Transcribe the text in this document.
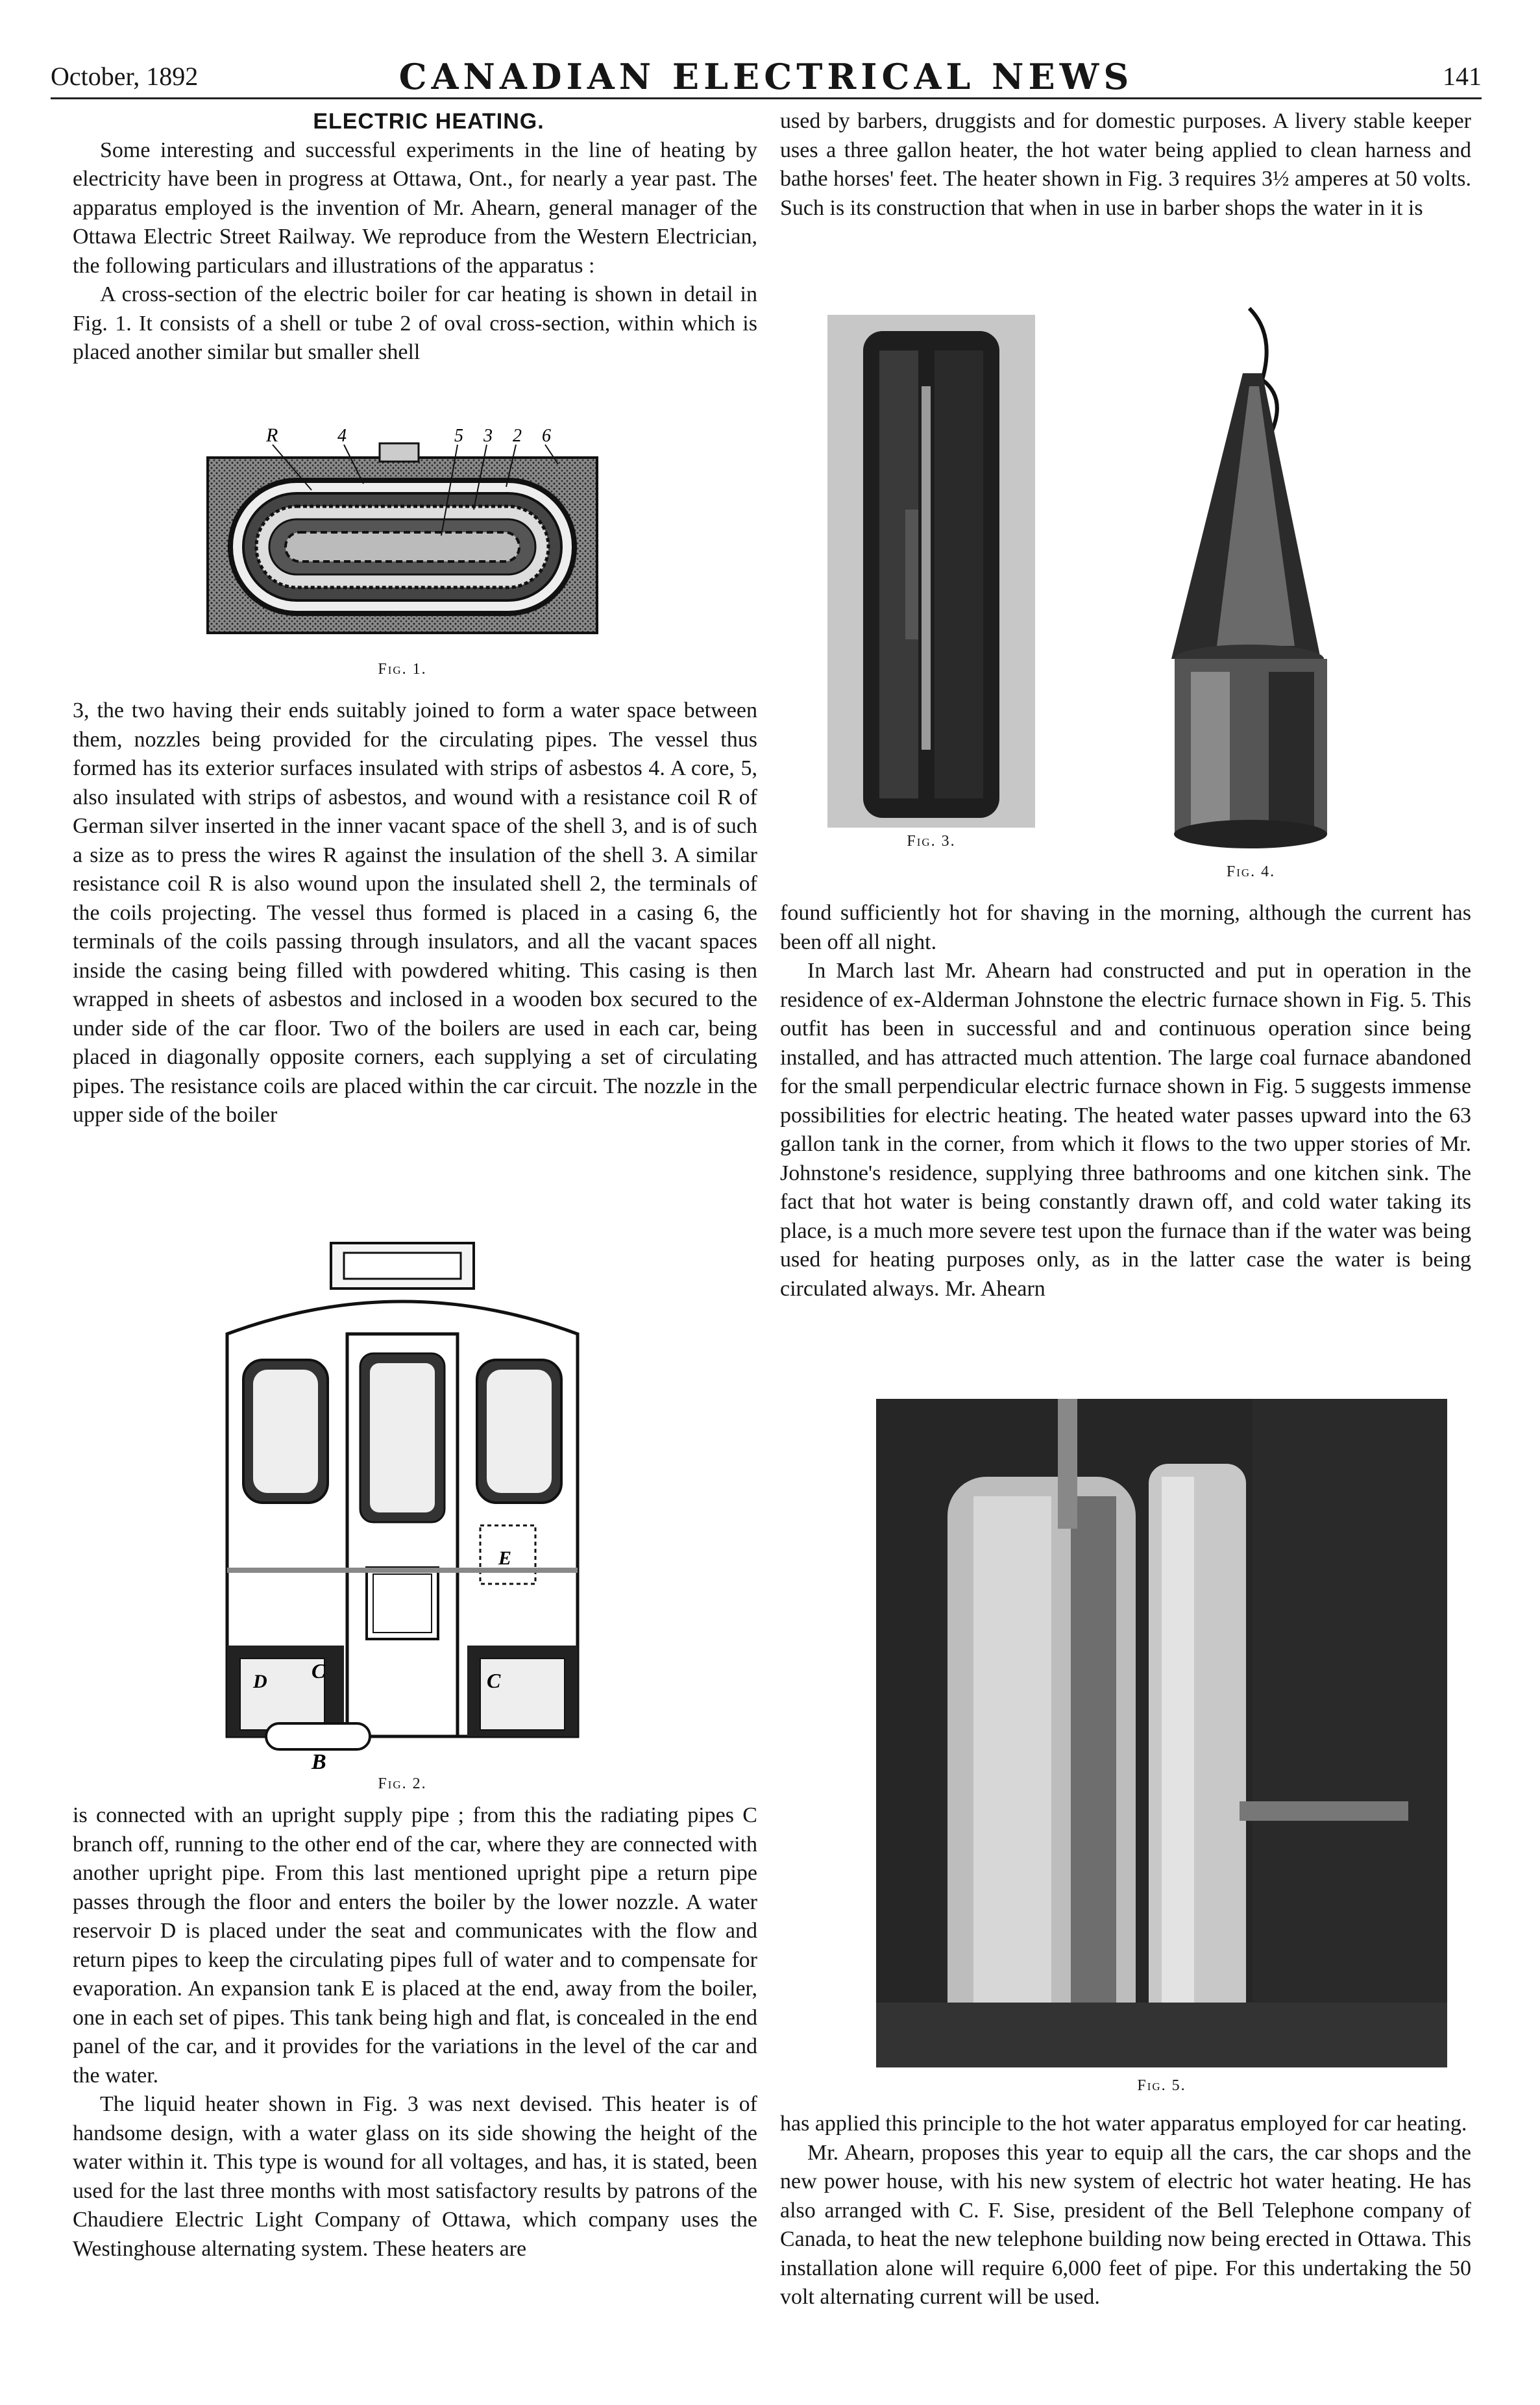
October, 1892	CANADIAN ELECTRICAL NEWS	141

ELECTRIC HEATING.

Some interesting and successful experiments in the line of heating by electricity have been in progress at Ottawa, Ont., for nearly a year past. The apparatus employed is the invention of Mr. Ahearn, general manager of the Ottawa Electric Street Railway. We reproduce from the Western Electrician, the following particulars and illustrations of the apparatus :

A cross-section of the electric boiler for car heating is shown in detail in Fig. 1. It consists of a shell or tube 2 of oval cross-section, within which is placed another similar but smaller shell

R	4	5 3 2 6
Fig. 1.

3, the two having their ends suitably joined to form a water space between them, nozzles being provided for the circulating pipes. The vessel thus formed has its exterior surfaces insulated with strips of asbestos 4. A core, 5, also insulated with strips of asbestos, and wound with a resistance coil R of German silver inserted in the inner vacant space of the shell 3, and is of such a size as to press the wires R against the insulation of the shell 3. A similar resistance coil R is also wound upon the insulated shell 2, the terminals of the coils projecting. The vessel thus formed is placed in a casing 6, the terminals of the coils passing through insulators, and all the vacant spaces inside the casing being filled with powdered whiting. This casing is then wrapped in sheets of asbestos and inclosed in a wooden box secured to the under side of the car floor. Two of the boilers are used in each car, being placed in diagonally opposite corners, each supplying a set of circulating pipes. The resistance coils are placed within the car circuit. The nozzle in the upper side of the boiler

D C	C
E
B
Fig. 2.

is connected with an upright supply pipe ; from this the radiating pipes C branch off, running to the other end of the car, where they are connected with another upright pipe. From this last mentioned upright pipe a return pipe passes through the floor and enters the boiler by the lower nozzle. A water reservoir D is placed under the seat and communicates with the flow and return pipes to keep the circulating pipes full of water and to compensate for evaporation. An expansion tank E is placed at the end, away from the boiler, one in each set of pipes. This tank being high and flat, is concealed in the end panel of the car, and it provides for the variations in the level of the car and the water.

The liquid heater shown in Fig. 3 was next devised. This heater is of handsome design, with a water glass on its side showing the height of the water within it. This type is wound for all voltages, and has, it is stated, been used for the last three months with most satisfactory results by patrons of the Chaudiere Electric Light Company of Ottawa, which company uses the Westinghouse alternating system. These heaters are

used by barbers, druggists and for domestic purposes. A livery stable keeper uses a three gallon heater, the hot water being applied to clean harness and bathe horses' feet. The heater shown in Fig. 3 requires 3½ amperes at 50 volts. Such is its construction that when in use in barber shops the water in it is

Fig. 3.
Fig. 4.

found sufficiently hot for shaving in the morning, although the current has been off all night.

In March last Mr. Ahearn had constructed and put in operation in the residence of ex-Alderman Johnstone the electric furnace shown in Fig. 5. This outfit has been in successful and and continuous operation since being installed, and has attracted much attention. The large coal furnace abandoned for the small perpendicular electric furnace shown in Fig. 5 suggests immense possibilities for electric heating. The heated water passes upward into the 63 gallon tank in the corner, from which it flows to the two upper stories of Mr. Johnstone's residence, supplying three bathrooms and one kitchen sink. The fact that hot water is being constantly drawn off, and cold water taking its place, is a much more severe test upon the furnace than if the water was being used for heating purposes only, as in the latter case the water is being circulated always. Mr. Ahearn

Fig. 5.

has applied this principle to the hot water apparatus employed for car heating.

Mr. Ahearn, proposes this year to equip all the cars, the car shops and the new power house, with his new system of electric hot water heating. He has also arranged with C. F. Sise, president of the Bell Telephone company of Canada, to heat the new telephone building now being erected in Ottawa. This installation alone will require 6,000 feet of pipe. For this undertaking the 50 volt alternating current will be used.
